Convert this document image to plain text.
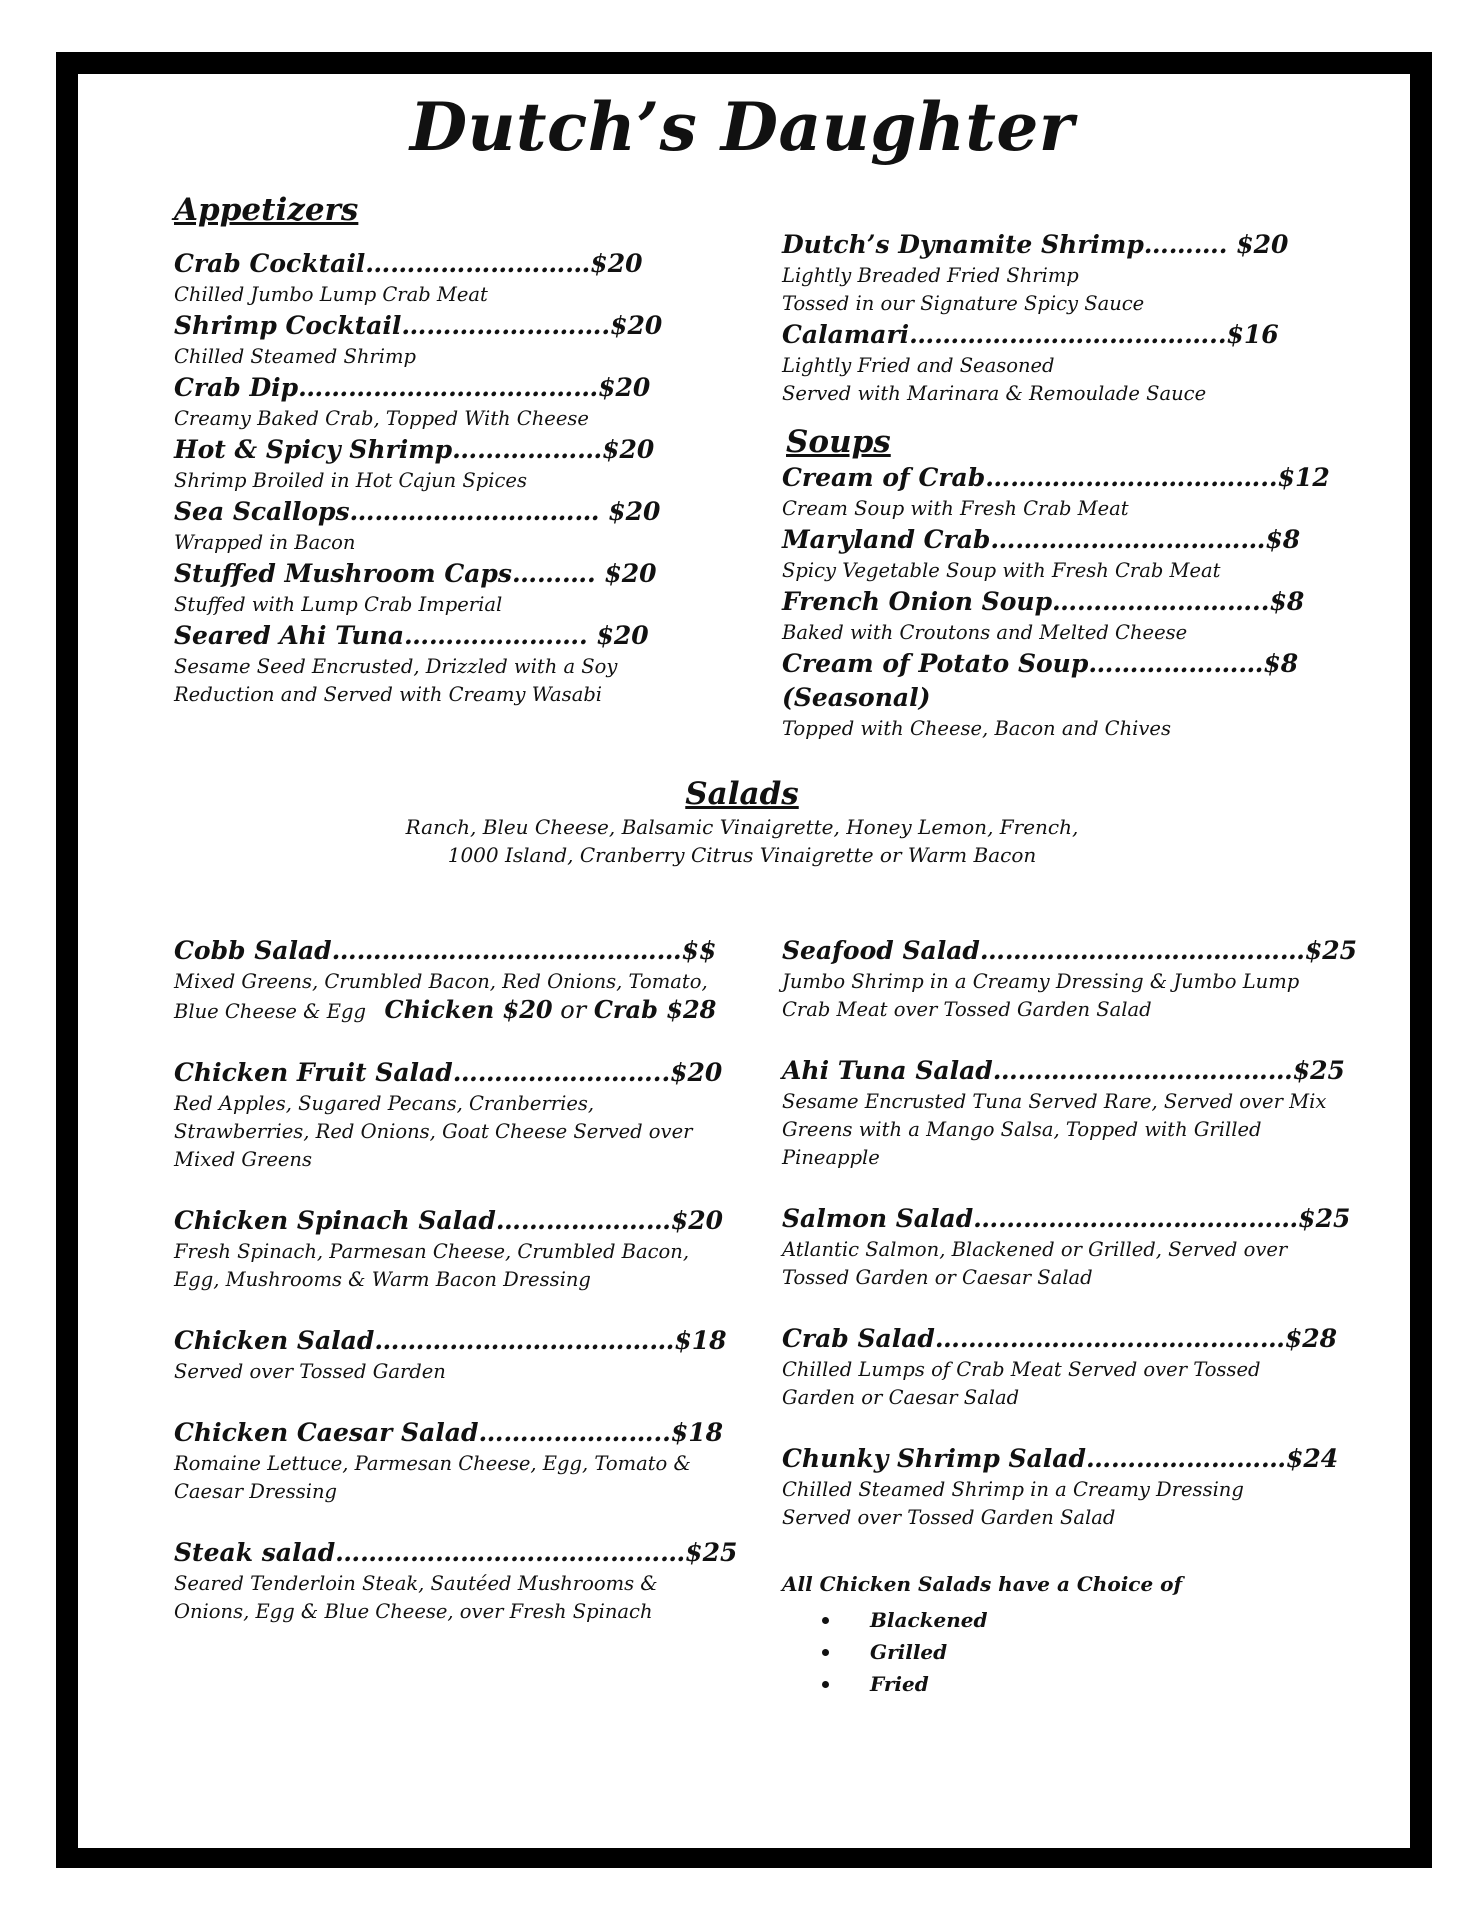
Dutch’s Daughter
Appetizers
Crab Cocktail………………………$20
Chilled Jumbo Lump Crab Meat
Shrimp Cocktail…………………….$20
Chilled Steamed Shrimp
Crab Dip………………………………$20
Creamy Baked Crab, Topped With Cheese
Hot & Spicy Shrimp………………$20
Shrimp Broiled in Hot Cajun Spices
Sea Scallops………………………… $20
Wrapped in Bacon
Stuffed Mushroom Caps………. $20
Stuffed with Lump Crab Imperial
Seared Ahi Tuna…………………. $20
Sesame Seed Encrusted, Drizzled with a Soy
Reduction and Served with Creamy Wasabi
Dutch’s Dynamite Shrimp………. $20
Lightly Breaded Fried Shrimp
Tossed in our Signature Spicy Sauce
Calamari………………………………..$16
Lightly Fried and Seasoned
Served with Marinara & Remoulade Sauce
Soups
Cream of Crab……………………………..$12
Cream Soup with Fresh Crab Meat
Maryland Crab……………………………$8
Spicy Vegetable Soup with Fresh Crab Meat
French Onion Soup……………………..$8
Baked with Croutons and Melted Cheese
Cream of Potato Soup…………………$8
(Seasonal)
Topped with Cheese, Bacon and Chives
Salads
Ranch, Bleu Cheese, Balsamic Vinaigrette, Honey Lemon, French,
1000 Island, Cranberry Citrus Vinaigrette or Warm Bacon
Cobb Salad……………………………………$$
Mixed Greens, Crumbled Bacon, Red Onions, Tomato,
Blue Cheese & Egg   Chicken $20 or Crab $28
Chicken Fruit Salad……………………..$20
Red Apples, Sugared Pecans, Cranberries,
Strawberries, Red Onions, Goat Cheese Served over
Mixed Greens
Chicken Spinach Salad…………………$20
Fresh Spinach, Parmesan Cheese, Crumbled Bacon,
Egg, Mushrooms & Warm Bacon Dressing
Chicken Salad………………………………$18
Served over Tossed Garden
Chicken Caesar Salad…………………..$18
Romaine Lettuce, Parmesan Cheese, Egg, Tomato &
Caesar Dressing
Steak salad……………………………………$25
Seared Tenderloin Steak, Sautéed Mushrooms &
Onions, Egg & Blue Cheese, over Fresh Spinach
Seafood Salad…………………………………$25
Jumbo Shrimp in a Creamy Dressing & Jumbo Lump
Crab Meat over Tossed Garden Salad
Ahi Tuna Salad………………………………$25
Sesame Encrusted Tuna Served Rare, Served over Mix
Greens with a Mango Salsa, Topped with Grilled
Pineapple
Salmon Salad…………………………………$25
Atlantic Salmon, Blackened or Grilled, Served over
Tossed Garden or Caesar Salad
Crab Salad……………………………………$28
Chilled Lumps of Crab Meat Served over Tossed
Garden or Caesar Salad
Chunky Shrimp Salad……………………$24
Chilled Steamed Shrimp in a Creamy Dressing
Served over Tossed Garden Salad
All Chicken Salads have a Choice of
Blackened
Grilled
Fried
